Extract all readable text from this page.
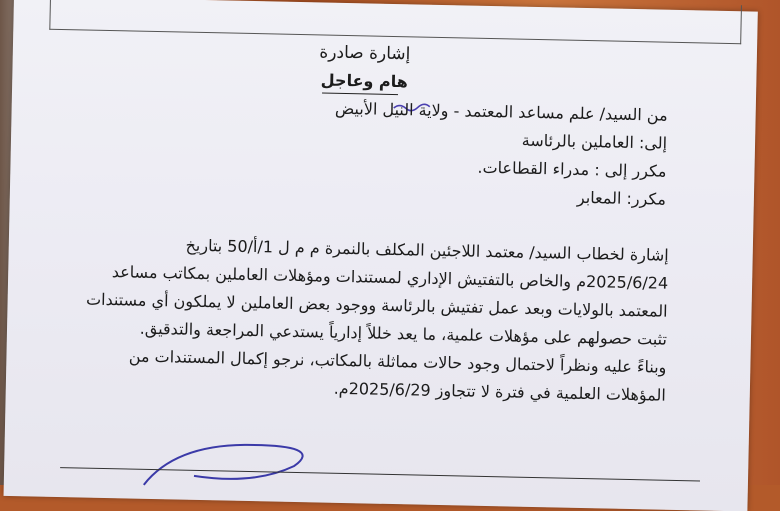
إشارة صادرة
هام وعاجل
من السيد/ علم مساعد المعتمد - ولاية النيل الأبيض
إلى: العاملين بالرئاسة
مكرر إلى : مدراء القطاعات.
مكرر: المعابر
إشارة لخطاب السيد/ معتمد اللاجئين المكلف بالنمرة م م ل 1/أ/50 بتاريخ
2025/6/24م والخاص بالتفتيش الإداري لمستندات ومؤهلات العاملين بمكاتب مساعد
المعتمد بالولايات وبعد عمل تفتيش بالرئاسة ووجود بعض العاملين لا يملكون أي مستندات
تثبت حصولهم على مؤهلات علمية، ما يعد خللاً إدارياً يستدعي المراجعة والتدقيق.
وبناءً عليه ونظراً لاحتمال وجود حالات مماثلة بالمكاتب، نرجو إكمال المستندات من
المؤهلات العلمية في فترة لا تتجاوز 2025/6/29م.
